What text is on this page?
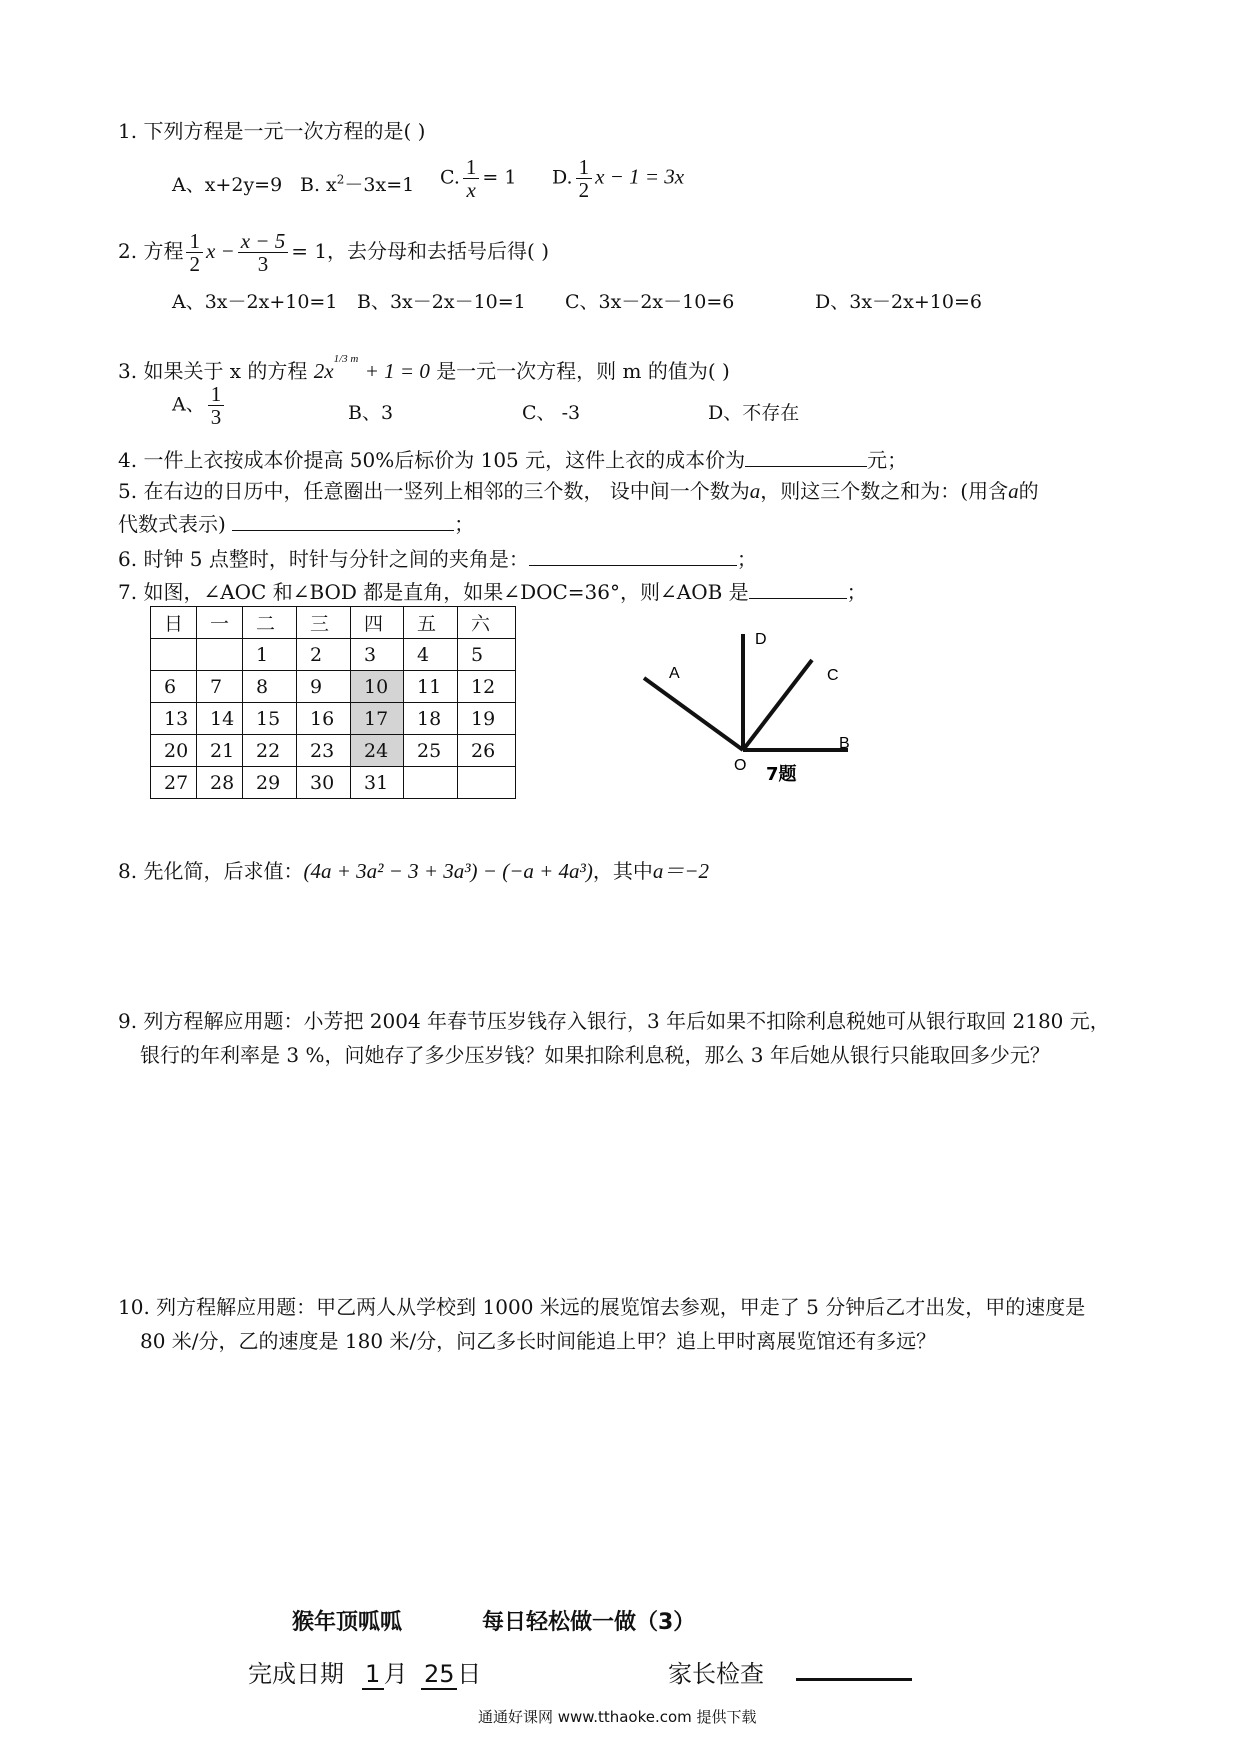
1. 下列方程是一元一次方程的是( )
A、x+2y=9 B. $x^2-3x=1$ C. $\frac{1}{x} = 1$ D. $\frac{1}{2}$ x − 1 = 3x
2. 方程 $\frac{1}{2}$ $x - \frac{x - 5}{3} = 1$，去分母和去括号后得( )
A、3x－2x+10=1 B、3x－2x－10=1 C、3x－2x－10=6	D、3x－2x+10=6
3. 如果关于 x 的方程 $2x^{1/3 m} + 1 = 0$ 是一元一次方程，则 m 的值为( )
A、 $\frac{1}{3}$	B、3	C、 -3	D、不存在
4. 一件上衣按成本价提高 50%后标价为 105 元，这件上衣的成本价为	元；
5. 在右边的日历中，任意圈出一竖列上相邻的三个数， 设中间一个数为a，则这三个数之和为：(用含a的
代数式表示)	；
6. 时钟 5 点整时，时针与分针之间的夹角是：	；
7. 如图，∠AOC 和∠BOD 都是直角，如果∠DOC=36°，则∠AOB 是	；
日	一	二	三	四	五	六
		1	2	3	4	5
6	7	8	9	10	11	12
13	14	15	16	17	18	19
20	21	22	23	24	25	26
27	28	29	30	31		
A
D
C
B
O 7题
8. 先化简，后求值：(4a + 3a² − 3 + 3a³) − (−a + 4a³)，其中a＝−2
9. 列方程解应用题：小芳把 2004 年春节压岁钱存入银行，3 年后如果不扣除利息税她可从银行取回 2180 元，
银行的年利率是 3 %，问她存了多少压岁钱？如果扣除利息税，那么 3 年后她从银行只能取回多少元？
10. 列方程解应用题：甲乙两人从学校到 1000 米远的展览馆去参观，甲走了 5 分钟后乙才出发，甲的速度是
80 米/分，乙的速度是 180 米/分，问乙多长时间能追上甲？追上甲时离展览馆还有多远？
猴年顶呱呱	每日轻松做一做（3）
完成日期 1 月 25 日	家长检查
通通好课网 www.tthaoke.com 提供下载
